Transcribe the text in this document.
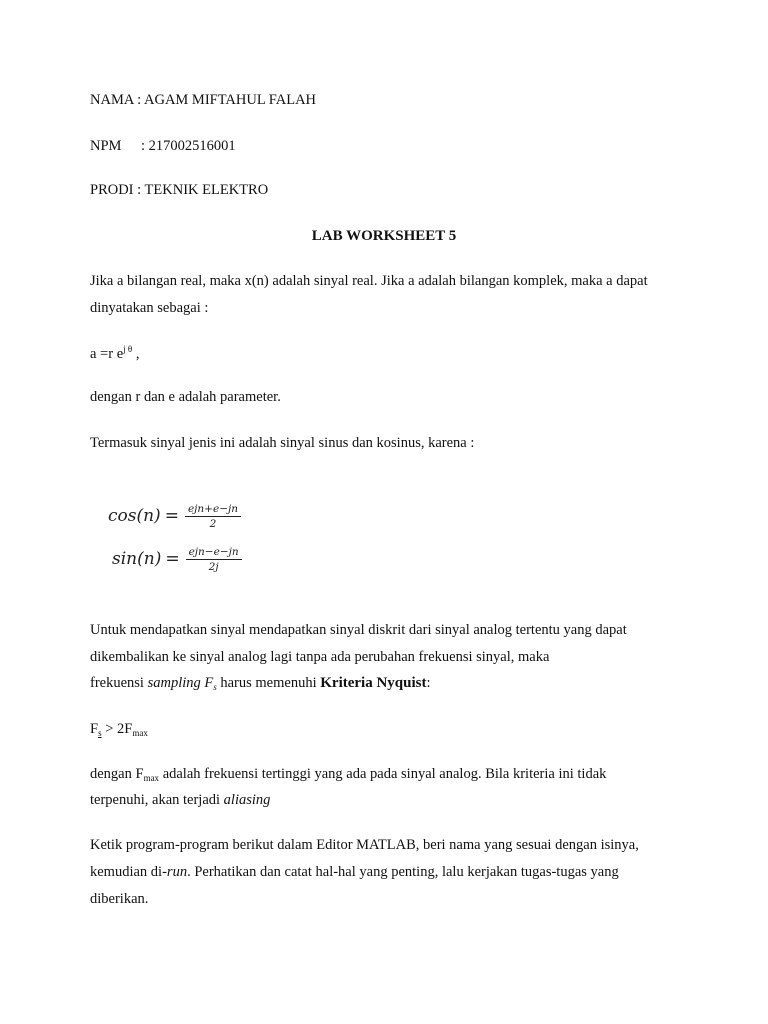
NAMA : AGAM MIFTAHUL FALAH
NPM : 217002516001
PRODI : TEKNIK ELEKTRO
LAB WORKSHEET 5
Jika a bilangan real, maka x(n) adalah sinyal real. Jika a adalah bilangan komplek, maka a dapat
dinyatakan sebagai :
a =r $e^{j \theta}$ ,
dengan r dan e adalah parameter.
Termasuk sinyal jenis ini adalah sinyal sinus dan kosinus, karena :
$\cos(n) = \frac{\text{ejn+e−jn}}{2}$
$\sin(n) = \frac{\text{ejn−e−jn}}{2j}$
Untuk mendapatkan sinyal mendapatkan sinyal diskrit dari sinyal analog tertentu yang dapat
dikembalikan ke sinyal analog lagi tanpa ada perubahan frekuensi sinyal, maka
frekuensi sampling $F_s$ harus memenuhi Kriteria Nyquist:
$F_s > 2F_{max}$
dengan $F_{max}$ adalah frekuensi tertinggi yang ada pada sinyal analog. Bila kriteria ini tidak
terpenuhi, akan terjadi aliasing
Ketik program-program berikut dalam Editor MATLAB, beri nama yang sesuai dengan isinya,
kemudian di-run. Perhatikan dan catat hal-hal yang penting, lalu kerjakan tugas-tugas yang
diberikan.
